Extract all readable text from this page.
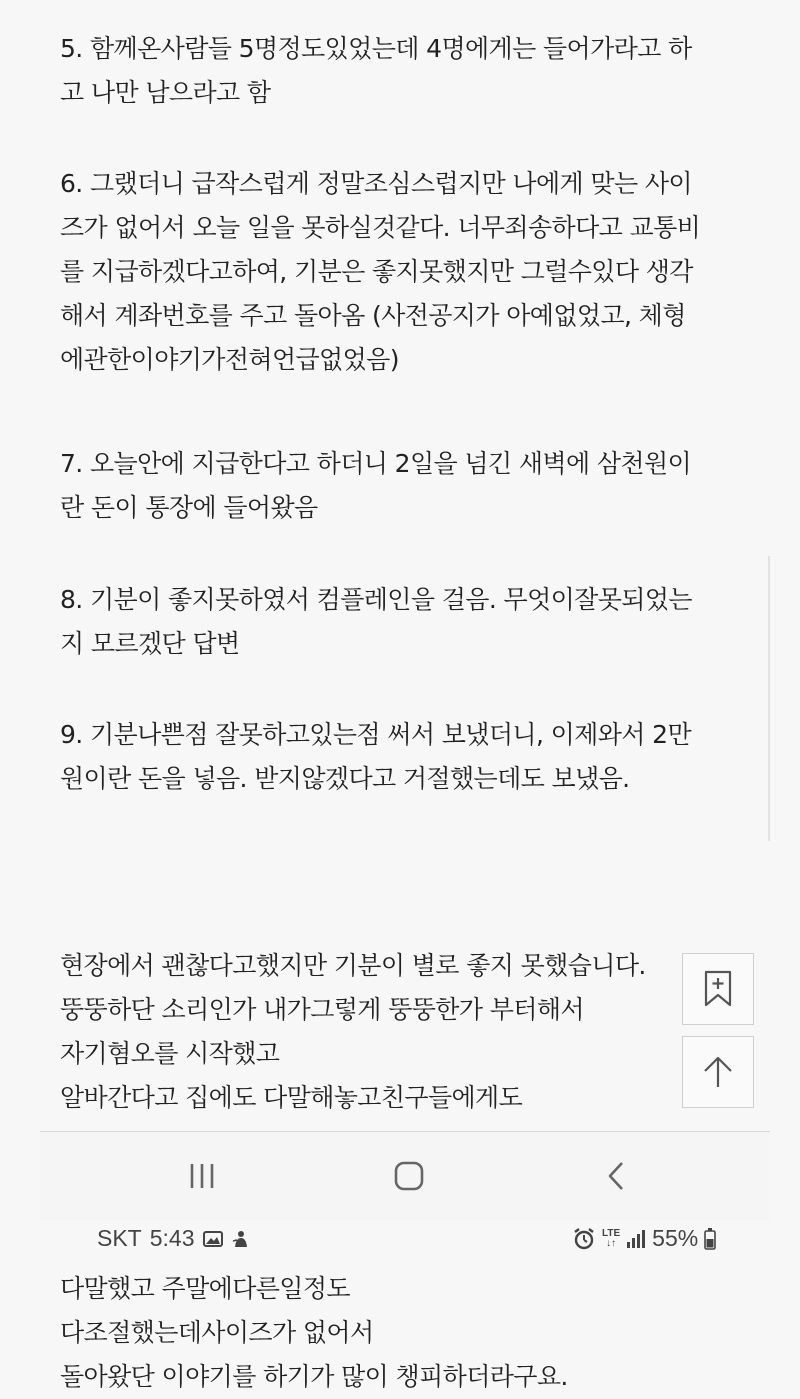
5. 함께온사람들 5명정도있었는데 4명에게는 들어가라고 하
고 나만 남으라고 함
6. 그랬더니 급작스럽게 정말조심스럽지만 나에게 맞는 사이
즈가 없어서 오늘 일을 못하실것같다. 너무죄송하다고 교통비
를 지급하겠다고하여, 기분은 좋지못했지만 그럴수있다 생각
해서 계좌번호를 주고 돌아옴 (사전공지가 아예없었고, 체형
에관한이야기가전혀언급없었음)
7. 오늘안에 지급한다고 하더니 2일을 넘긴 새벽에 삼천원이
란 돈이 통장에 들어왔음
8. 기분이 좋지못하였서 컴플레인을 걸음. 무엇이잘못되었는
지 모르겠단 답변
9. 기분나쁜점 잘못하고있는점 써서 보냈더니, 이제와서 2만
원이란 돈을 넣음. 받지않겠다고 거절했는데도 보냈음.
현장에서 괜찮다고했지만 기분이 별로 좋지 못했습니다.
뚱뚱하단 소리인가 내가그렇게 뚱뚱한가 부터해서
자기혐오를 시작했고
알바간다고 집에도 다말해놓고친구들에게도
SKT 5:43	LTE
↓↑ 55%
다말했고 주말에다른일정도
다조절했는데사이즈가 없어서
돌아왔단 이야기를 하기가 많이 챙피하더라구요.
